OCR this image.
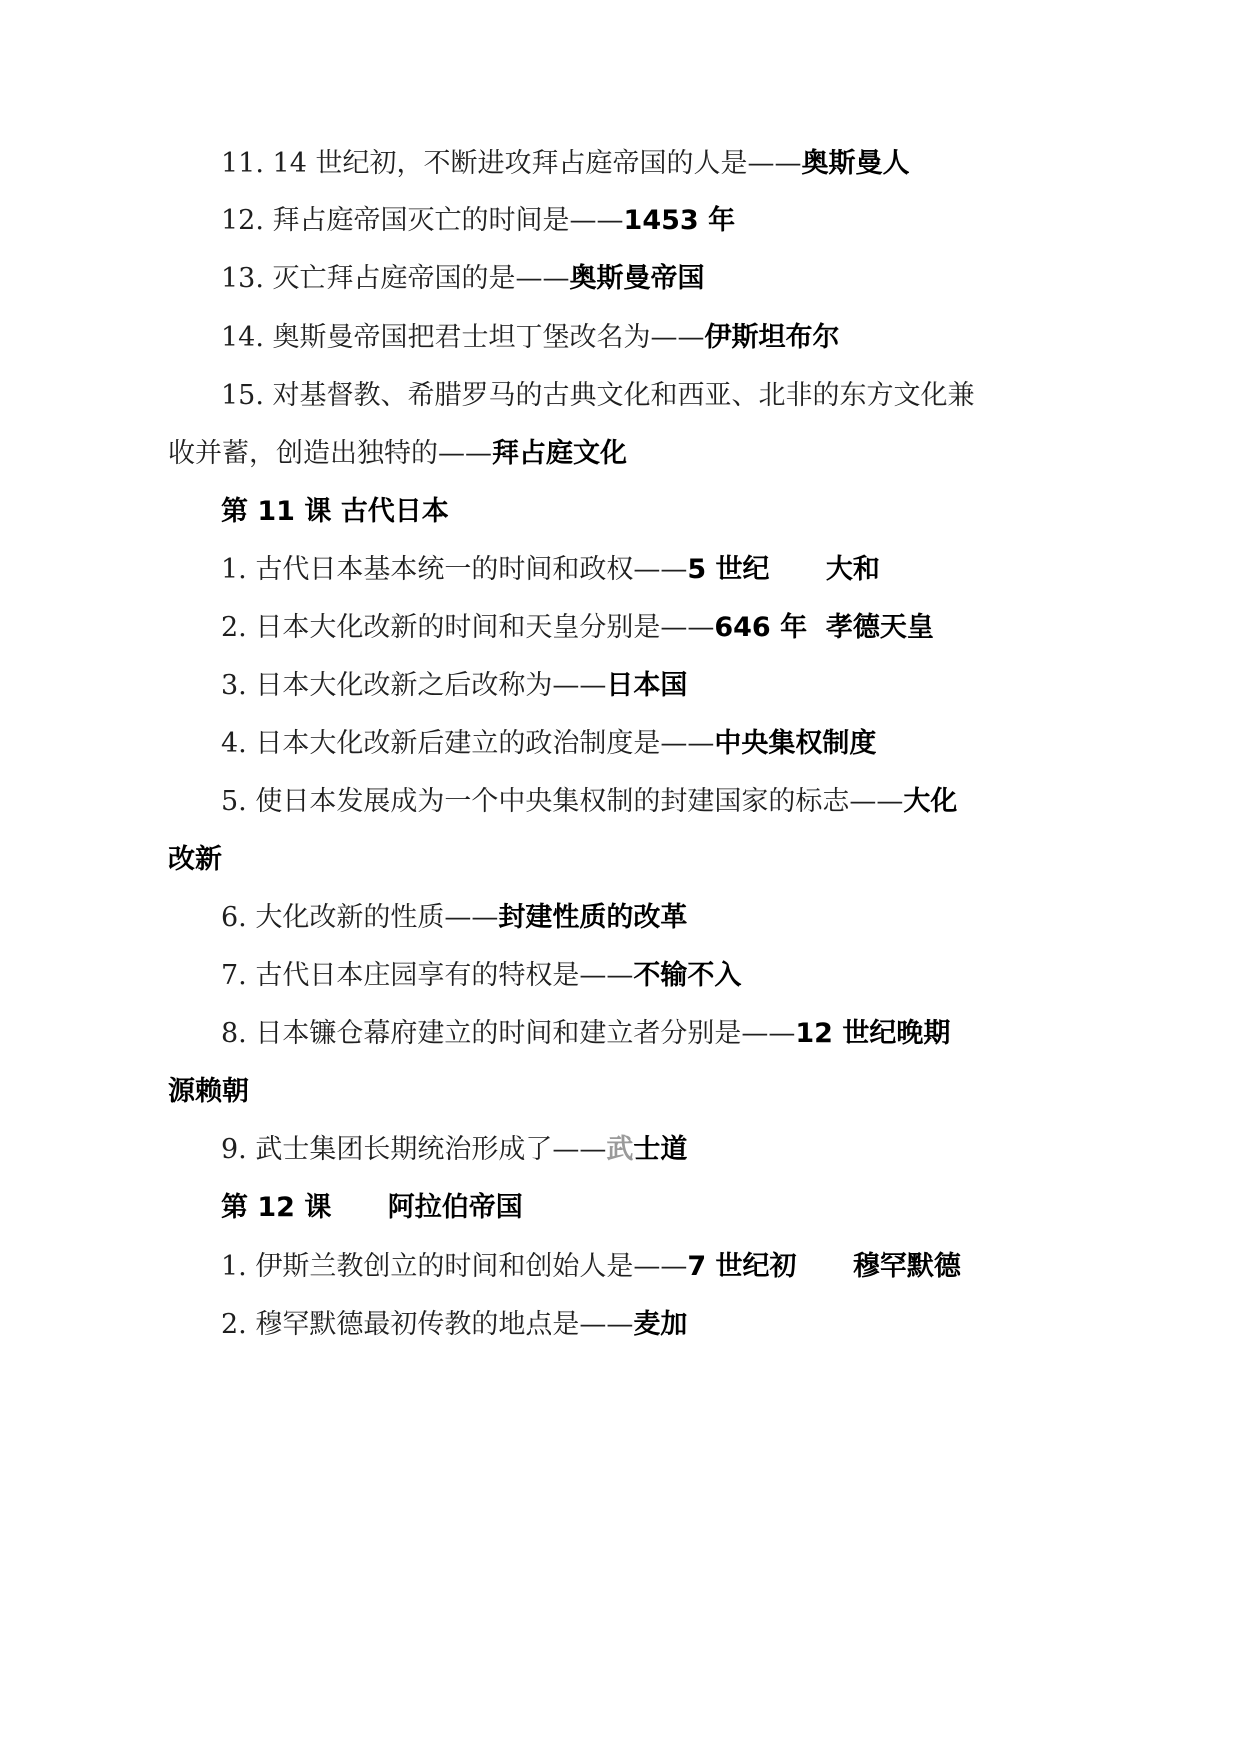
11. 14 世纪初，不断进攻拜占庭帝国的人是——奥斯曼人
12. 拜占庭帝国灭亡的时间是——1453 年
13. 灭亡拜占庭帝国的是——奥斯曼帝国
14. 奥斯曼帝国把君士坦丁堡改名为——伊斯坦布尔
15. 对基督教、希腊罗马的古典文化和西亚、北非的东方文化兼
收并蓄，创造出独特的——拜占庭文化
第 11 课 古代日本
1. 古代日本基本统一的时间和政权——5 世纪      大和
2. 日本大化改新的时间和天皇分别是——646 年  孝德天皇
3. 日本大化改新之后改称为——日本国
4. 日本大化改新后建立的政治制度是——中央集权制度
5. 使日本发展成为一个中央集权制的封建国家的标志——大化
改新
6. 大化改新的性质——封建性质的改革
7. 古代日本庄园享有的特权是——不输不入
8. 日本镰仓幕府建立的时间和建立者分别是——12 世纪晚期
源赖朝
9. 武士集团长期统治形成了——武士道
第 12 课      阿拉伯帝国
1. 伊斯兰教创立的时间和创始人是——7 世纪初      穆罕默德
2. 穆罕默德最初传教的地点是——麦加
